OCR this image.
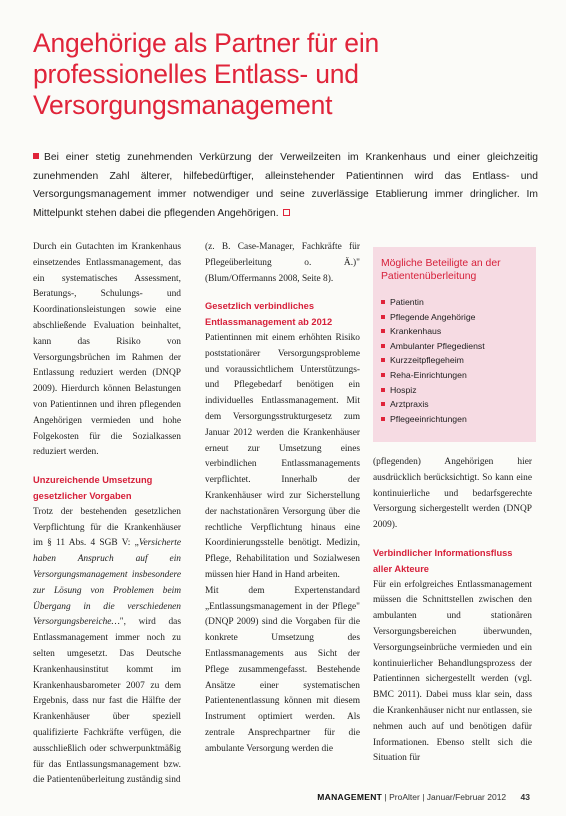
Angehörige als Partner für ein professionelles Entlass- und Versorgungsmanagement

Bei einer stetig zunehmenden Verkürzung der Verweilzeiten im Krankenhaus und einer gleichzeitig zunehmenden Zahl älterer, hilfebedürftiger, alleinstehender Patientinnen wird das Entlass- und Versorgungsmanagement immer notwendiger und seine zuverlässige Etablierung immer dringlicher. Im Mittelpunkt stehen dabei die pflegenden Angehörigen.

Durch ein Gutachten im Krankenhaus einsetzendes Entlassmanagement, das ein systematisches Assessment, Beratungs-, Schulungs- und Koordinationsleistungen sowie eine abschließende Evaluation beinhaltet, kann das Risiko von Versorgungsbrüchen im Rahmen der Entlassung reduziert werden (DNQP 2009). Hierdurch können Belastungen von Patientinnen und ihren pflegenden Angehörigen vermieden und hohe Folgekosten für die Sozialkassen reduziert werden.

Unzureichende Umsetzung gesetzlicher Vorgaben

Trotz der bestehenden gesetzlichen Verpflichtung für die Krankenhäuser im § 11 Abs. 4 SGB V: „Versicherte haben Anspruch auf ein Versorgungsmanagement insbesondere zur Lösung von Problemen beim Übergang in die verschiedenen Versorgungsbereiche…", wird das Entlassmanagement immer noch zu selten umgesetzt. Das Deutsche Krankenhausinstitut kommt im Krankenhausbarometer 2007 zu dem Ergebnis, dass nur fast die Hälfte der Krankenhäuser über speziell qualifizierte Fachkräfte verfügen, die ausschließlich oder schwerpunktmäßig für das Entlassungsmanagement bzw. die Patientenüberleitung zuständig sind

(z. B. Case-Manager, Fachkräfte für Pflegeüberleitung o. Ä.)" (Blum/Offermanns 2008, Seite 8).

Gesetzlich verbindliches Entlassmanagement ab 2012

Patientinnen mit einem erhöhten Risiko poststationärer Versorgungsprobleme und voraussichtlichem Unterstützungs- und Pflegebedarf benötigen ein individuelles Entlassmanagement. Mit dem Versorgungsstrukturgesetz zum Januar 2012 werden die Krankenhäuser erneut zur Umsetzung eines verbindlichen Entlassmanagements verpflichtet. Innerhalb der Krankenhäuser wird zur Sicherstellung der nachstationären Versorgung über die rechtliche Verpflichtung hinaus eine Koordinierungsstelle benötigt. Medizin, Pflege, Rehabilitation und Sozialwesen müssen hier Hand in Hand arbeiten.

Mit dem Expertenstandard „Entlassungsmanagement in der Pflege" (DNQP 2009) sind die Vorgaben für die konkrete Umsetzung des Entlassmanagements aus Sicht der Pflege zusammengefasst. Bestehende Ansätze einer systematischen Patientenentlassung können mit diesem Instrument optimiert werden. Als zentrale Ansprechpartner für die ambulante Versorgung werden die

Mögliche Beteiligte an der Patientenüberleitung
Patientin
Pflegende Angehörige
Krankenhaus
Ambulanter Pflegedienst
Kurzzeitpflegeheim
Reha-Einrichtungen
Hospiz
Arztpraxis
Pflegeeinrichtungen

(pflegenden) Angehörigen hier ausdrücklich berücksichtigt. So kann eine kontinuierliche und bedarfsgerechte Versorgung sichergestellt werden (DNQP 2009).

Verbindlicher Informationsfluss aller Akteure

Für ein erfolgreiches Entlassmanagement müssen die Schnittstellen zwischen den ambulanten und stationären Versorgungsbereichen überwunden, Versorgungseinbrüche vermieden und ein kontinuierlicher Behandlungsprozess der Patientinnen sichergestellt werden (vgl. BMC 2011). Dabei muss klar sein, dass die Krankenhäuser nicht nur entlassen, sie nehmen auch auf und benötigen dafür Informationen. Ebenso stellt sich die Situation für

MANAGEMENT | ProAlter | Januar/Februar 2012 43
